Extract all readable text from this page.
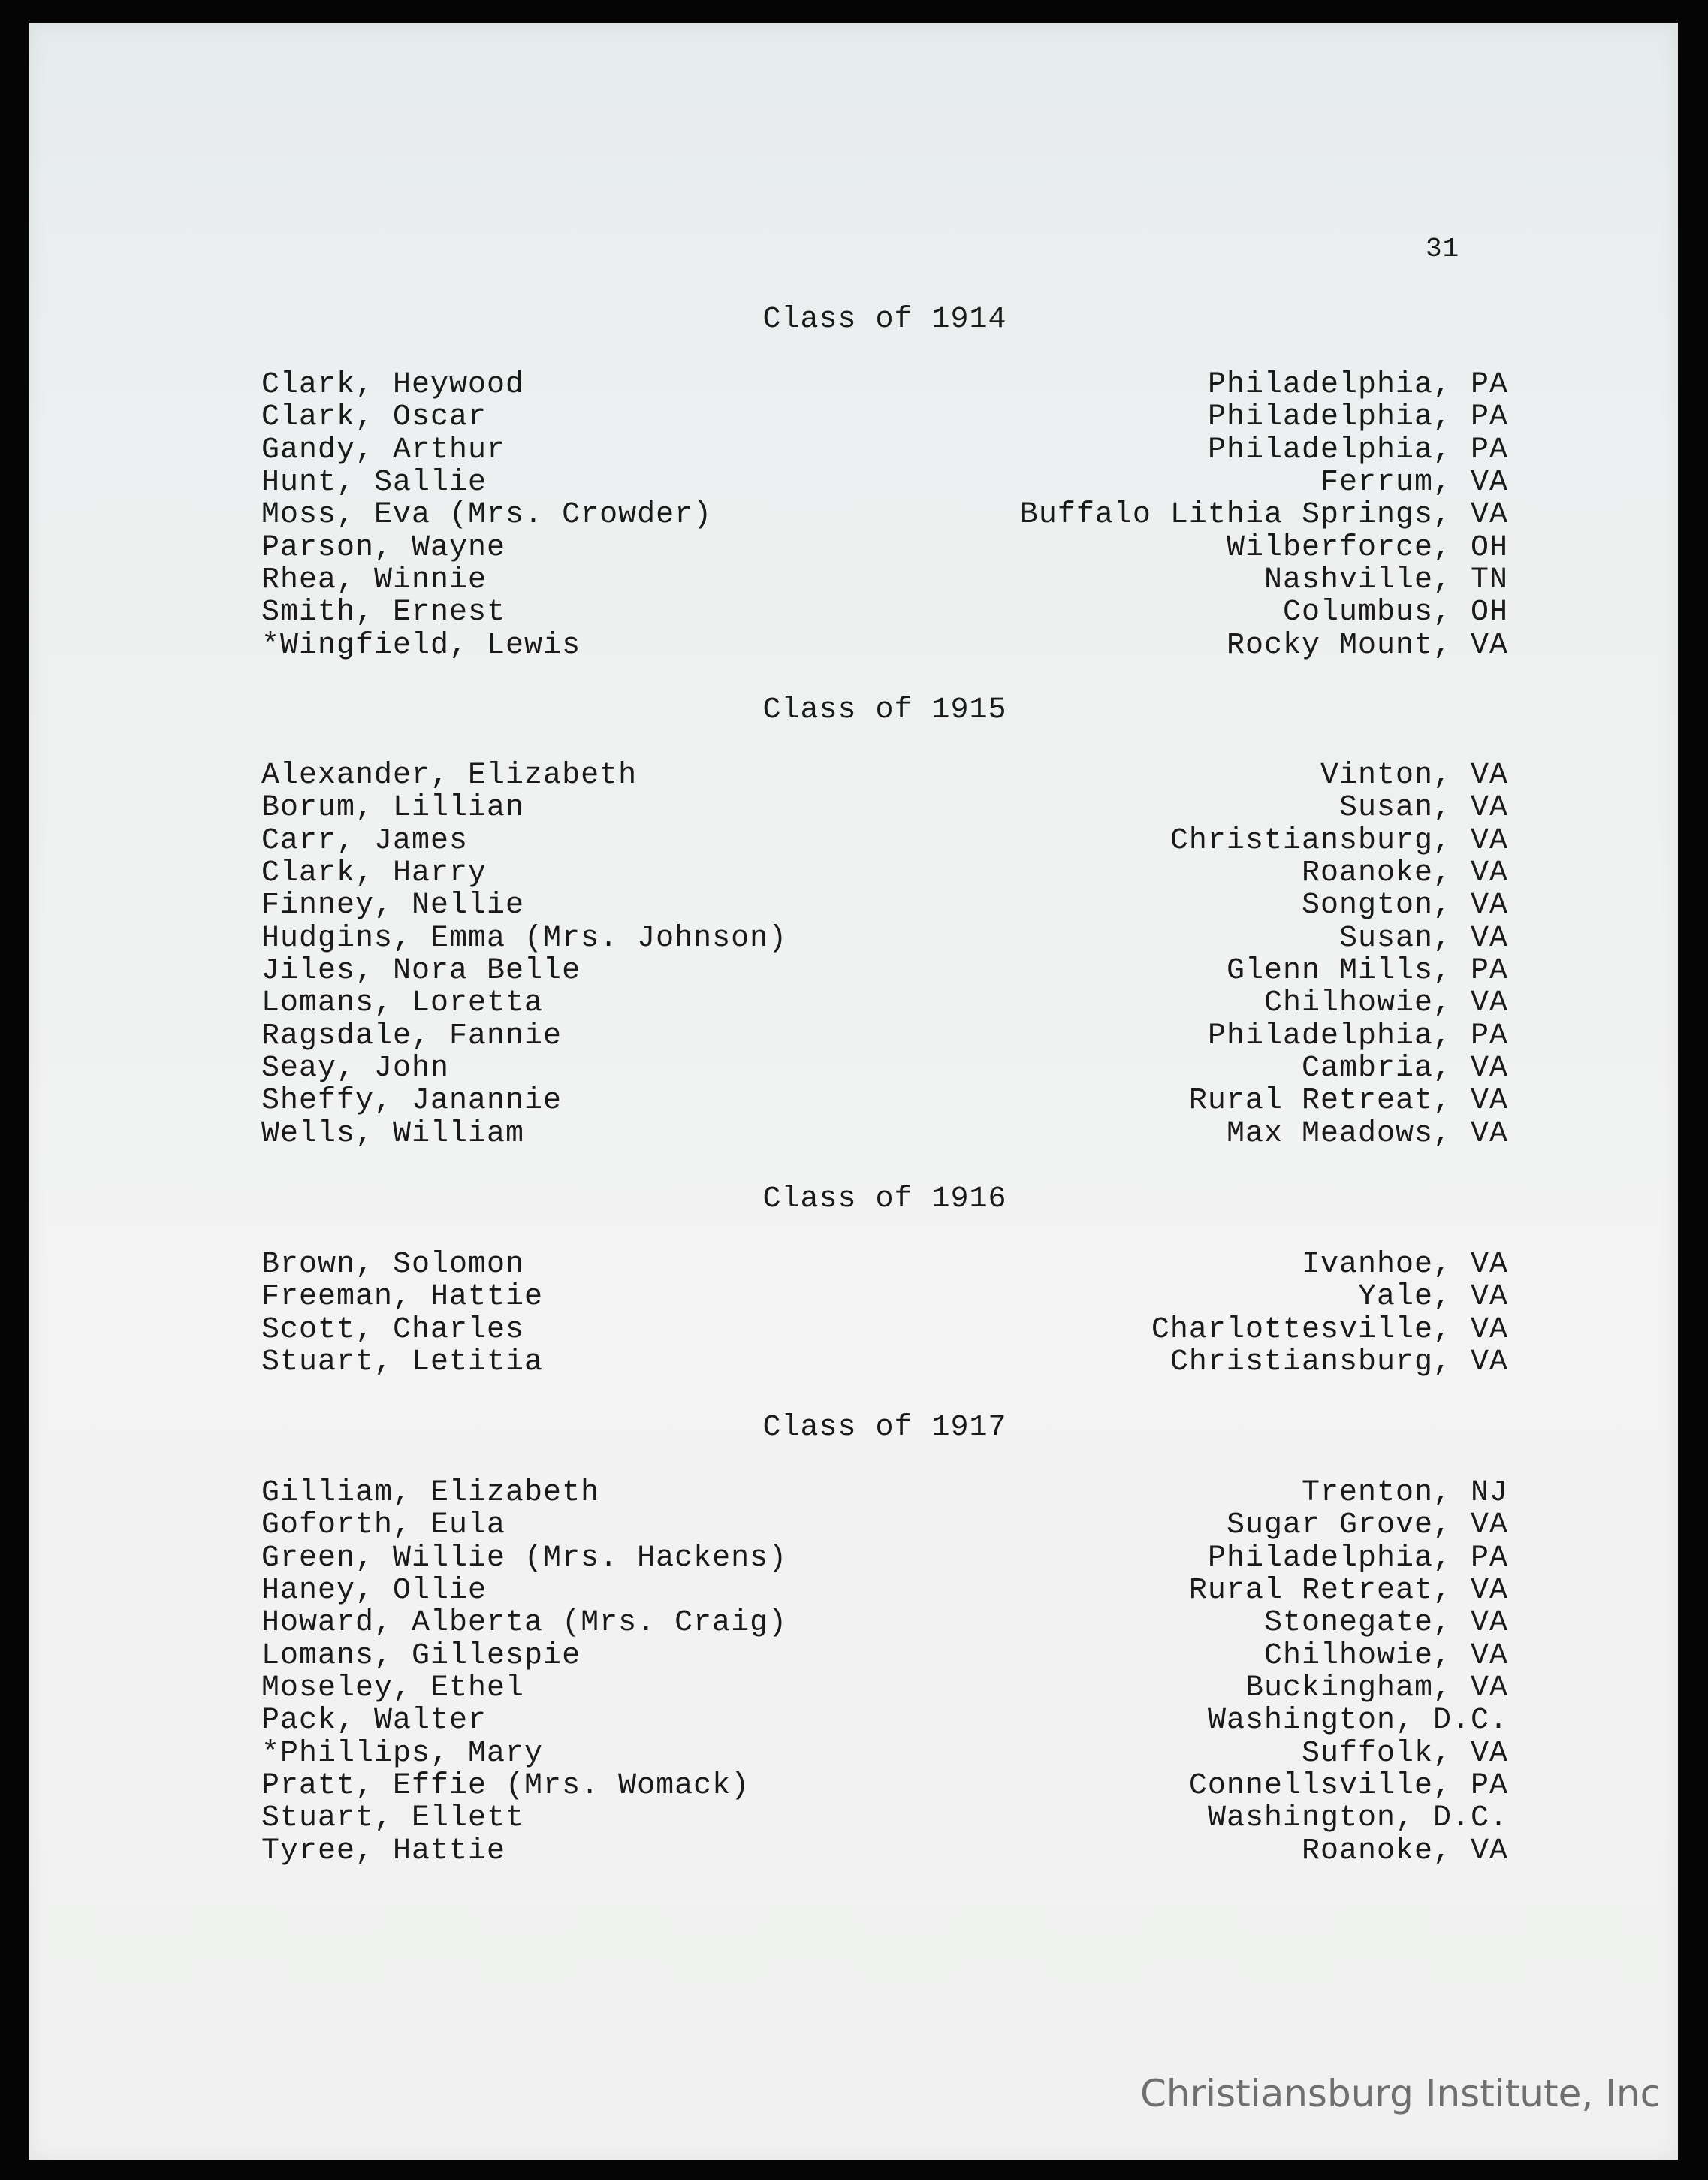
31
Class of 1914
Clark, Heywood	Philadelphia, PA
Clark, Oscar	Philadelphia, PA
Gandy, Arthur	Philadelphia, PA
Hunt, Sallie	Ferrum, VA
Moss, Eva (Mrs. Crowder)	Buffalo Lithia Springs, VA
Parson, Wayne	Wilberforce, OH
Rhea, Winnie	Nashville, TN
Smith, Ernest	Columbus, OH
*Wingfield, Lewis	Rocky Mount, VA
Class of 1915
Alexander, Elizabeth	Vinton, VA
Borum, Lillian	Susan, VA
Carr, James	Christiansburg, VA
Clark, Harry	Roanoke, VA
Finney, Nellie	Songton, VA
Hudgins, Emma (Mrs. Johnson)	Susan, VA
Jiles, Nora Belle	Glenn Mills, PA
Lomans, Loretta	Chilhowie, VA
Ragsdale, Fannie	Philadelphia, PA
Seay, John	Cambria, VA
Sheffy, Janannie	Rural Retreat, VA
Wells, William	Max Meadows, VA
Class of 1916
Brown, Solomon	Ivanhoe, VA
Freeman, Hattie	Yale, VA
Scott, Charles	Charlottesville, VA
Stuart, Letitia	Christiansburg, VA
Class of 1917
Gilliam, Elizabeth	Trenton, NJ
Goforth, Eula	Sugar Grove, VA
Green, Willie (Mrs. Hackens)	Philadelphia, PA
Haney, Ollie	Rural Retreat, VA
Howard, Alberta (Mrs. Craig)	Stonegate, VA
Lomans, Gillespie	Chilhowie, VA
Moseley, Ethel	Buckingham, VA
Pack, Walter	Washington, D.C.
*Phillips, Mary	Suffolk, VA
Pratt, Effie (Mrs. Womack)	Connellsville, PA
Stuart, Ellett	Washington, D.C.
Tyree, Hattie	Roanoke, VA
Christiansburg Institute, Inc
